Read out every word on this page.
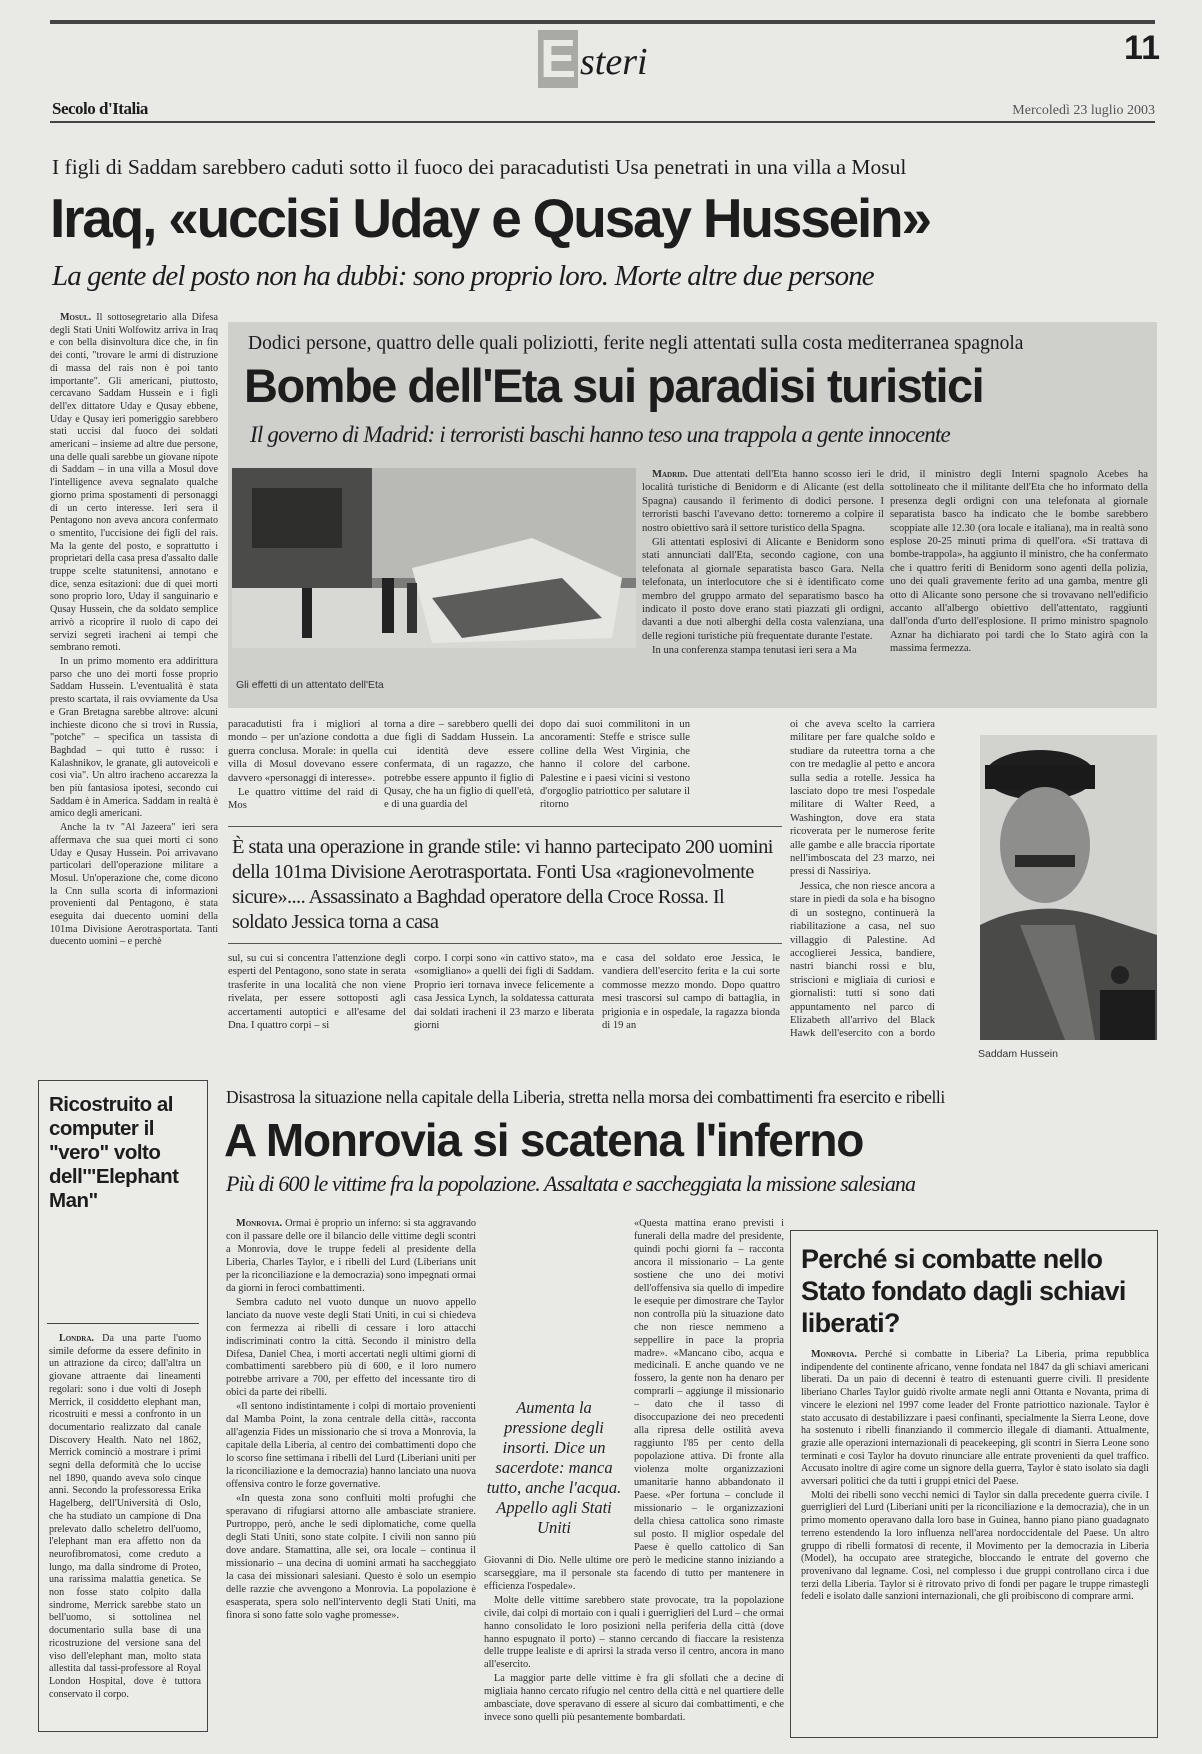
E steri	11
Secolo d'Italia	Mercoledì 23 luglio 2003
I figli di Saddam sarebbero caduti sotto il fuoco dei paracadutisti Usa penetrati in una villa a Mosul
Iraq, «uccisi Uday e Qusay Hussein»
La gente del posto non ha dubbi: sono proprio loro. Morte altre due persone

Mosul. Il sottosegretario alla Difesa degli Stati Uniti Wolfowitz arriva in Iraq e con bella disinvoltura dice che, in fin dei conti, "trovare le armi di distruzione di massa del rais non è poi tanto importante". Gli americani, piuttosto, cercavano Saddam Hussein e i figli dell'ex dittatore Uday e Qusay ebbene, Uday e Qusay ieri pomeriggio sarebbero stati uccisi dal fuoco dei soldati americani – insieme ad altre due persone, una delle quali sarebbe un giovane nipote di Saddam – in una villa a Mosul dove l'intelligence aveva segnalato qualche giorno prima spostamenti di personaggi di un certo interesse. Ieri sera il Pentagono non aveva ancora confermato o smentito, l'uccisione dei figli del rais. Ma la gente del posto, e soprattutto i proprietari della casa presa d'assalto dalle truppe scelte statunitensi, annotano e dice, senza esitazioni: due di quei morti sono proprio loro, Uday il sanguinario e Qusay Hussein, che da soldato semplice arrivò a ricoprire il ruolo di capo dei servizi segreti iracheni ai tempi che sembrano remoti.

In un primo momento era addirittura parso che uno dei morti fosse proprio Saddam Hussein. L'eventualità è stata presto scartata, il rais ovviamente da Usa e Gran Bretagna sarebbe altrove: alcuni inchieste dicono che si trovi in Russia, "potche" – specifica un tassista di Baghdad – qui tutto è russo: i Kalashnikov, le granate, gli autoveicoli e così via". Un altro iracheno accarezza la ben più fantasiosa ipotesi, secondo cui Saddam è in America. Saddam in realtà è amico degli americani.

Anche la tv "Al Jazeera" ieri sera affermava che sua quei morti ci sono Uday e Qusay Hussein. Poi arrivavano particolari dell'operazione militare a Mosul. Un'operazione che, come dicono la Cnn sulla scorta di informazioni provenienti dal Pentagono, è stata eseguita dai duecento uomini della 101ma Divisione Aerotrasportata. Tanti duecento uomini – e perchè

Dodici persone, quattro delle quali poliziotti, ferite negli attentati sulla costa mediterranea spagnola
Bombe dell'Eta sui paradisi turistici
Il governo di Madrid: i terroristi baschi hanno teso una trappola a gente innocente
Gli effetti di un attentato dell'Eta

Madrid. Due attentati dell'Eta hanno scosso ieri le località turistiche di Benidorm e di Alicante (est della Spagna) causando il ferimento di dodici persone. I terroristi baschi l'avevano detto: torneremo a colpire il nostro obiettivo sarà il settore turistico della Spagna.

Gli attentati esplosivi di Alicante e Benidorm sono stati annunciati dall'Eta, secondo cagione, con una telefonata al giornale separatista basco Gara. Nella telefonata, un interlocutore che si è identificato come membro del gruppo armato del separatismo basco ha indicato il posto dove erano stati piazzati gli ordigni, davanti a due noti alberghi della costa valenziana, una delle regioni turistiche più frequentate durante l'estate.

In una conferenza stampa tenutasi ieri sera a Ma

drid, il ministro degli Interni spagnolo Acebes ha sottolineato che il militante dell'Eta che ho informato della presenza degli ordigni con una telefonata al giornale separatista basco ha indicato che le bombe sarebbero scoppiate alle 12.30 (ora locale e italiana), ma in realtà sono esplose 20-25 minuti prima di quell'ora. «Si trattava di bombe-trappola», ha aggiunto il ministro, che ha confermato che i quattro feriti di Benidorm sono agenti della polizia, uno dei quali gravemente ferito ad una gamba, mentre gli otto di Alicante sono persone che si trovavano nell'edificio accanto all'albergo obiettivo dell'attentato, raggiunti dall'onda d'urto dell'esplosione. Il primo ministro spagnolo Aznar ha dichiarato poi tardi che lo Stato agirà con la massima fermezza.

paracadutisti fra i migliori al mondo – per un'azione condotta a guerra conclusa. Morale: in quella villa di Mosul dovevano essere davvero «personaggi di interesse».

Le quattro vittime del raid di Mos

torna a dire – sarebbero quelli dei due figli di Saddam Hussein. La cui identità deve essere confermata, di un ragazzo, che potrebbe essere appunto il figlio di Qusay, che ha un figlio di quell'età, e di una guardia del

dopo dai suoi commilitoni in un ancoramenti: Steffe e strisce sulle colline della West Virginia, che hanno il colore del carbone. Palestine e i paesi vicini si vestono d'orgoglio patriottico per salutare il ritorno

oi che aveva scelto la carriera militare per fare qualche soldo e studiare da ruteettra torna a che con tre medaglie al petto e ancora sulla sedia a rotelle. Jessica ha lasciato dopo tre mesi l'ospedale militare di Walter Reed, a Washington, dove era stata ricoverata per le numerose ferite alle gambe e alle braccia riportate nell'imboscata del 23 marzo, nei pressi di Nassiriya.

Jessica, che non riesce ancora a stare in piedi da sola e ha bisogno di un sostegno, continuerà la riabilitazione a casa, nel suo villaggio di Palestine. Ad accoglierei Jessica, bandiere, nastri bianchi rossi e blu, striscioni e migliaia di curiosi e giornalisti: tutti si sono dati appuntamento nel parco di Elizabeth all'arrivo del Black Hawk dell'esercito con a bordo

È stata una operazione in grande stile: vi hanno partecipato 200 uomini della 101ma Divisione Aerotrasportata. Fonti Usa «ragionevolmente sicure».... Assassinato a Baghdad operatore della Croce Rossa. Il soldato Jessica torna a casa

sul, su cui si concentra l'attenzione degli esperti del Pentagono, sono state in serata trasferite in una località che non viene rivelata, per essere sottoposti agli accertamenti autoptici e all'esame del Dna. I quattro corpi – si

corpo. I corpi sono «in cattivo stato», ma «somigliano» a quelli dei figli di Saddam. Proprio ieri tornava invece felicemente a casa Jessica Lynch, la soldatessa catturata dai soldati iracheni il 23 marzo e liberata giorni

e casa del soldato eroe Jessica, le vandiera dell'esercito ferita e la cui sorte commosse mezzo mondo. Dopo quattro mesi trascorsi sul campo di battaglia, in prigionia e in ospedale, la ragazza bionda di 19 an

Saddam Hussein
Ricostruito al computer il "vero" volto dell'"Elephant Man"

Londra. Da una parte l'uomo simile deforme da essere definito in un attrazione da circo; dall'altra un giovane attraente dai lineamenti regolari: sono i due volti di Joseph Merrick, il cosiddetto elephant man, ricostruiti e messi a confronto in un documentario realizzato dal canale Discovery Health. Nato nel 1862, Merrick cominciò a mostrare i primi segni della deformità che lo uccise nel 1890, quando aveva solo cinque anni. Secondo la professoressa Erika Hagelberg, dell'Università di Oslo, che ha studiato un campione di Dna prelevato dallo scheletro dell'uomo, l'elephant man era affetto non da neurofibromatosi, come creduto a lungo, ma dalla sindrome di Proteo, una rarissima malattia genetica. Se non fosse stato colpito dalla sindrome, Merrick sarebbe stato un bell'uomo, si sottolinea nel documentario sulla base di una ricostruzione del versione sana del viso dell'elephant man, molto stata allestita dal tassi-professore al Royal London Hospital, dove è tuttora conservato il corpo.

Disastrosa la situazione nella capitale della Liberia, stretta nella morsa dei combattimenti fra esercito e ribelli
A Monrovia si scatena l'inferno
Più di 600 le vittime fra la popolazione. Assaltata e saccheggiata la missione salesiana

Monrovia. Ormai è proprio un inferno: si sta aggravando con il passare delle ore il bilancio delle vittime degli scontri a Monrovia, dove le truppe fedeli al presidente della Liberia, Charles Taylor, e i ribelli del Lurd (Liberians unit per la riconciliazione e la democrazia) sono impegnati ormai da giorni in feroci combattimenti.

Sembra caduto nel vuoto dunque un nuovo appello lanciato da nuove veste degli Stati Uniti, in cui si chiedeva con fermezza ai ribelli di cessare i loro attacchi indiscriminati contro la città. Secondo il ministro della Difesa, Daniel Chea, i morti accertati negli ultimi giorni di combattimenti sarebbero più di 600, e il loro numero potrebbe arrivare a 700, per effetto del incessante tiro di obici da parte dei ribelli.

«Il sentono indistintamente i colpi di mortaio provenienti dal Mamba Point, la zona centrale della città», racconta all'agenzia Fides un missionario che si trova a Monrovia, la capitale della Liberia, al centro dei combattimenti dopo che lo scorso fine settimana i ribelli del Lurd (Liberiani uniti per la riconciliazione e la democrazia) hanno lanciato una nuova offensiva contro le forze governative.

«In questa zona sono confluiti molti profughi che speravano di rifugiarsi attorno alle ambasciate straniere. Purtroppo, però, anche le sedi diplomatiche, come quella degli Stati Uniti, sono state colpite. I civili non sanno più dove andare. Stamattina, alle sei, ora locale – continua il missionario – una decina di uomini armati ha saccheggiato la casa dei missionari salesiani. Questo è solo un esempio delle razzie che avvengono a Monrovia. La popolazione è esasperata, spera solo nell'intervento degli Stati Uniti, ma finora si sono fatte solo vaghe promesse».

Aumenta la pressione degli insorti. Dice un sacerdote: manca tutto, anche l'acqua. Appello agli Stati Uniti

«Questa mattina erano previsti i funerali della madre del presidente, quindi pochi giorni fa – racconta ancora il missionario – La gente sostiene che uno dei motivi dell'offensiva sia quello di impedire le esequie per dimostrare che Taylor non controlla più la situazione dato che non riesce nemmeno a seppellire in pace la propria madre». «Mancano cibo, acqua e medicinali. E anche quando ve ne fossero, la gente non ha denaro per comprarli – aggiunge il missionario – dato che il tasso di disoccupazione dei neo precedenti alla ripresa delle ostilità aveva raggiunto l'85 per cento della popolazione attiva. Di fronte alla violenza molte organizzazioni umanitarie hanno abbandonato il Paese. «Per fortuna – conclude il missionario – le organizzazioni della chiesa cattolica sono rimaste sul posto. Il miglior ospedale del Paese è quello cattolico di San Giovanni di Dio. Nelle ultime ore però le medicine stanno iniziando a scarseggiare, ma il personale sta facendo di tutto per mantenere in efficienza l'ospedale».

Molte delle vittime sarebbero state provocate, tra la popolazione civile, dai colpi di mortaio con i quali i guerriglieri del Lurd – che ormai hanno consolidato le loro posizioni nella periferia della città (dove hanno espugnato il porto) – stanno cercando di fiaccare la resistenza delle truppe lealiste e di aprirsi la strada verso il centro, ancora in mano all'esercito.

La maggior parte delle vittime è fra gli sfollati che a decine di migliaia hanno cercato rifugio nel centro della città e nel quartiere delle ambasciate, dove speravano di essere al sicuro dai combattimenti, e che invece sono quelli più pesantemente bombardati.

Perché si combatte nello Stato fondato dagli schiavi liberati?

Monrovia. Perché si combatte in Liberia? La Liberia, prima repubblica indipendente del continente africano, venne fondata nel 1847 da gli schiavi americani liberati. Da un paio di decenni è teatro di estenuanti guerre civili. Il presidente liberiano Charles Taylor guidò rivolte armate negli anni Ottanta e Novanta, prima di vincere le elezioni nel 1997 come leader del Fronte patriottico nazionale. Taylor è stato accusato di destabilizzare i paesi confinanti, specialmente la Sierra Leone, dove ha sostenuto i ribelli finanziando il commercio illegale di diamanti. Attualmente, grazie alle operazioni internazionali di peacekeeping, gli scontri in Sierra Leone sono terminati e così Taylor ha dovuto rinunciare alle entrate provenienti da quel traffico. Accusato inoltre di agire come un signore della guerra, Taylor è stato isolato sia dagli avversari politici che da tutti i gruppi etnici del Paese.

Molti dei ribelli sono vecchi nemici di Taylor sin dalla precedente guerra civile. I guerriglieri del Lurd (Liberiani uniti per la riconciliazione e la democrazia), che in un primo momento operavano dalla loro base in Guinea, hanno piano piano guadagnato terreno estendendo la loro influenza nell'area nordoccidentale del Paese. Un altro gruppo di ribelli formatosi di recente, il Movimento per la democrazia in Liberia (Model), ha occupato aree strategiche, bloccando le entrate del governo che provenivano dal legname. Così, nel complesso i due gruppi controllano circa i due terzi della Liberia. Taylor si è ritrovato privo di fondi per pagare le truppe rimastegli fedeli e isolato dalle sanzioni internazionali, che gli proibiscono di comprare armi.
